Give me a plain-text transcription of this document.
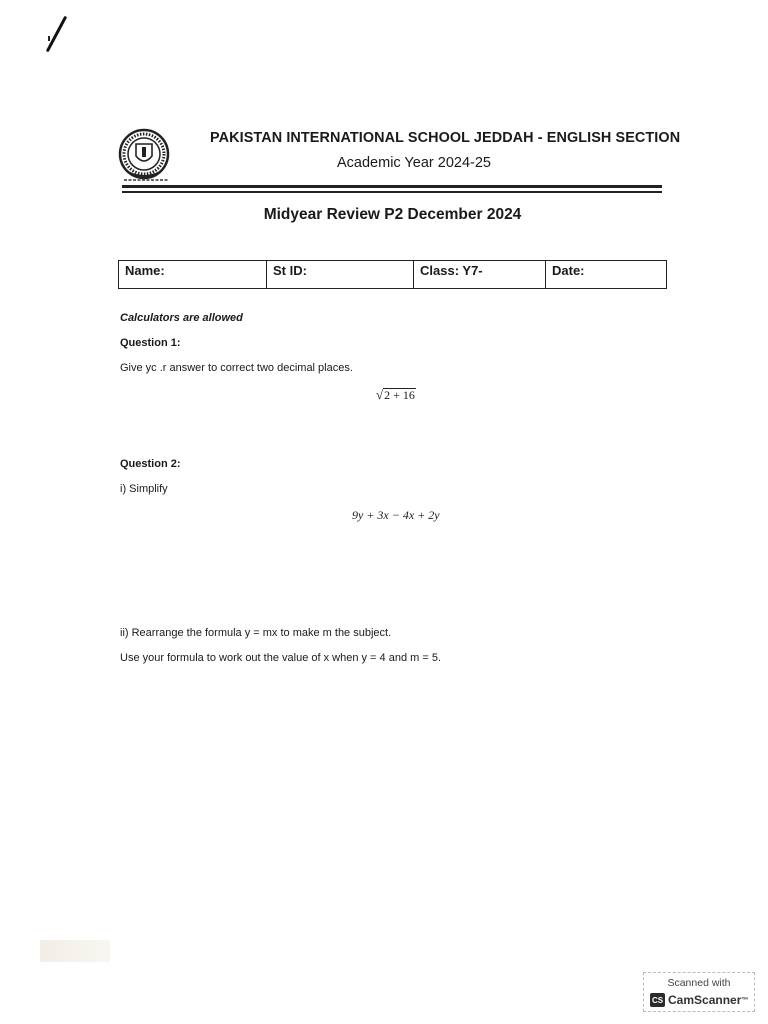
PAKISTAN INTERNATIONAL SCHOOL JEDDAH - ENGLISH SECTION
Academic Year 2024-25
Midyear Review P2 December 2024
Name:	St ID:	Class: Y7-	Date:
Calculators are allowed
Question 1:
Give yc .r answer to correct two decimal places.
√ 2 + 16
Question 2:
i) Simplify
9y + 3x − 4x + 2y
ii) Rearrange the formula y = mx to make m the subject.
Use your formula to work out the value of x when y = 4 and m = 5.
Scanned with
CS CamScanner ™
